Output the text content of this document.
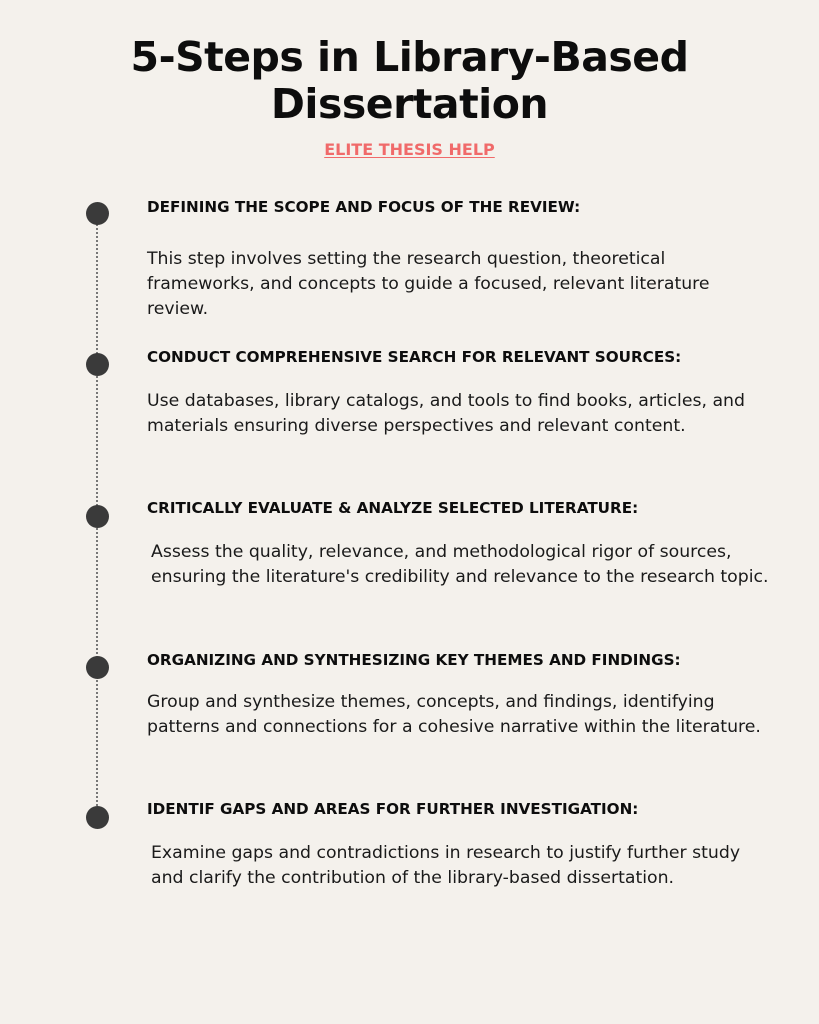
5-Steps in Library-Based
Dissertation
ELITE THESIS HELP
DEFINING THE SCOPE AND FOCUS OF THE REVIEW:

This step involves setting the research question, theoretical frameworks, and concepts to guide a focused, relevant literature review.

CONDUCT COMPREHENSIVE SEARCH FOR RELEVANT SOURCES:

Use databases, library catalogs, and tools to find books, articles, and materials ensuring diverse perspectives and relevant content.

CRITICALLY EVALUATE & ANALYZE SELECTED LITERATURE:

Assess the quality, relevance, and methodological rigor of sources, ensuring the literature's credibility and relevance to the research topic.

ORGANIZING AND SYNTHESIZING KEY THEMES AND FINDINGS:

Group and synthesize themes, concepts, and findings, identifying patterns and connections for a cohesive narrative within the literature.

IDENTIF GAPS AND AREAS FOR FURTHER INVESTIGATION:

Examine gaps and contradictions in research to justify further study and clarify the contribution of the library-based dissertation.
